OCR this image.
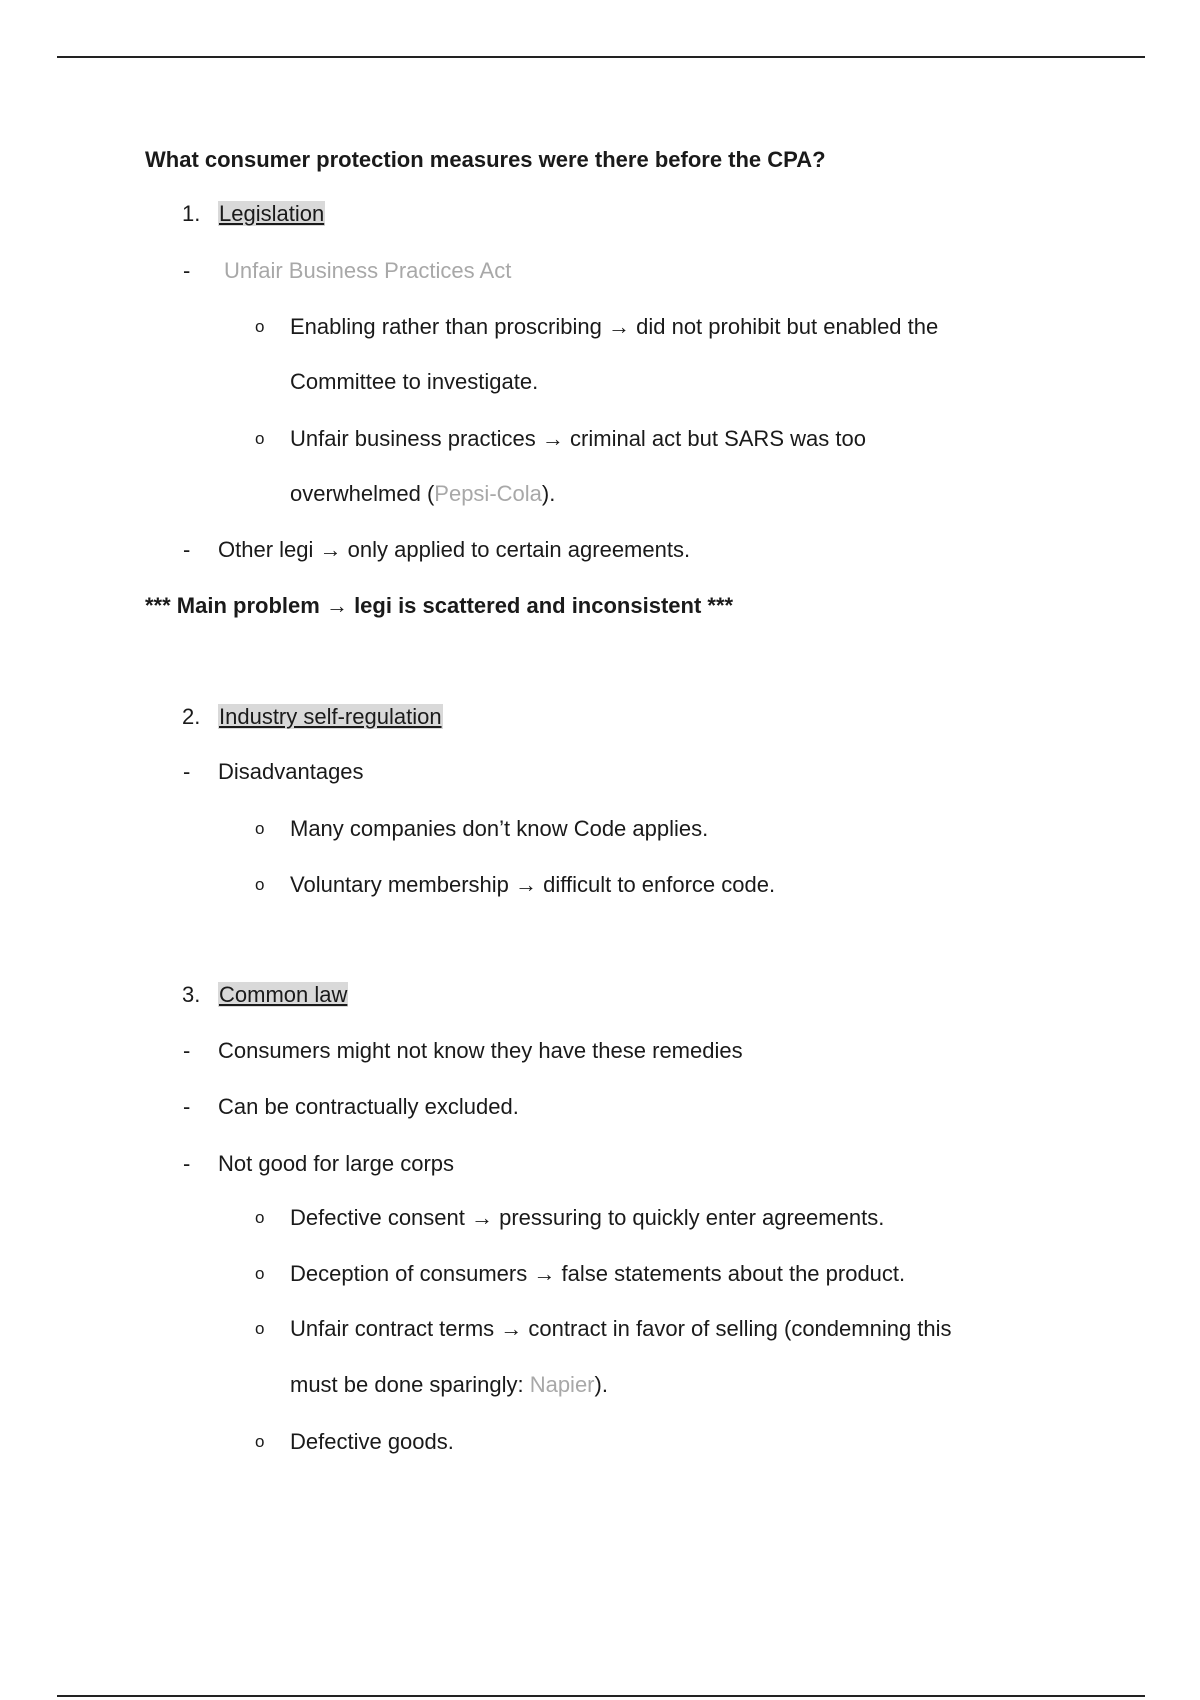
What consumer protection measures were there before the CPA?
1. Legislation
- Unfair Business Practices Act
o Enabling rather than proscribing → did not prohibit but enabled the
Committee to investigate.
o Unfair business practices → criminal act but SARS was too
overwhelmed (Pepsi-Cola).
- Other legi → only applied to certain agreements.
*** Main problem → legi is scattered and inconsistent ***
2. Industry self-regulation
- Disadvantages
o Many companies don’t know Code applies.
o Voluntary membership → difficult to enforce code.
3. Common law
- Consumers might not know they have these remedies
- Can be contractually excluded.
- Not good for large corps
o Defective consent → pressuring to quickly enter agreements.
o Deception of consumers → false statements about the product.
o Unfair contract terms → contract in favor of selling (condemning this
must be done sparingly: Napier).
o Defective goods.
